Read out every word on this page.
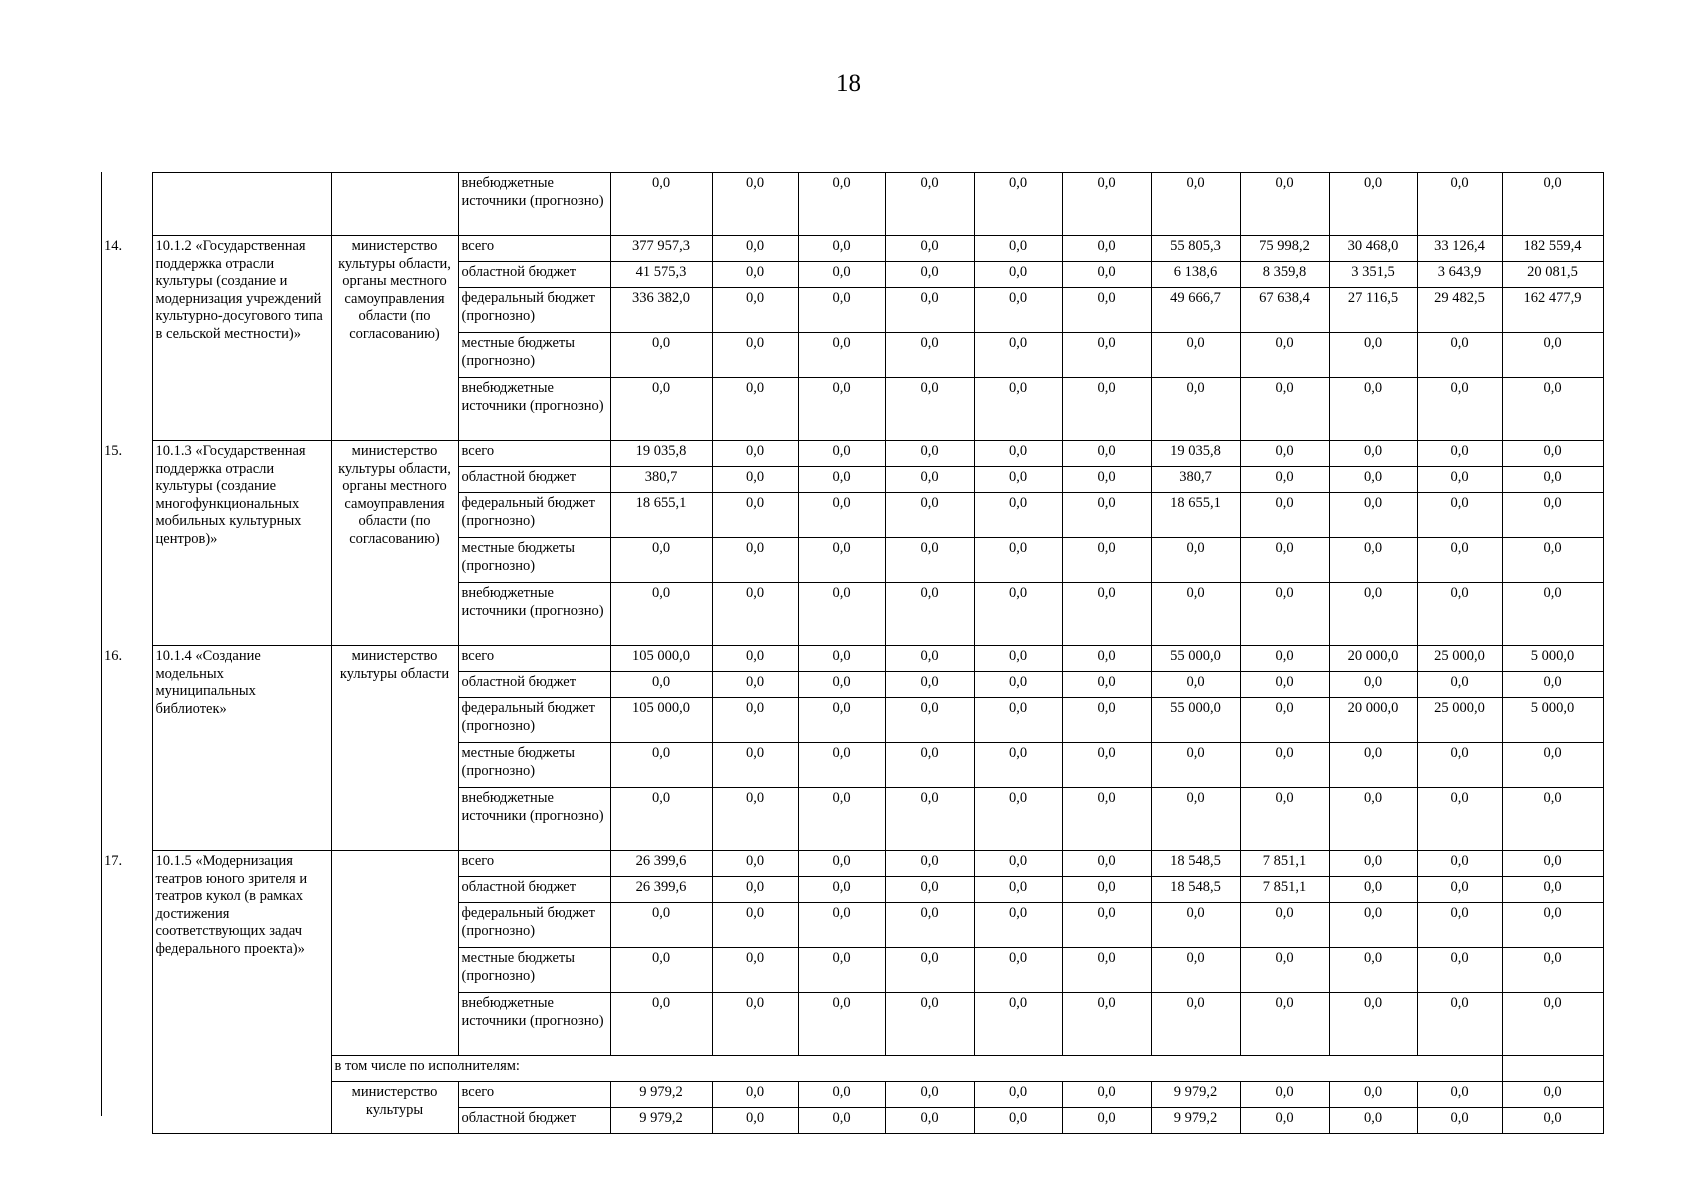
18
			внебюджетные источники (прогнозно)	0,0	0,0	0,0	0,0	0,0	0,0	0,0	0,0	0,0	0,0	0,0
14.	10.1.2 «Государственная поддержка отрасли культуры (создание и модернизация учреждений культурно-досугового типа в сельской местности)»	министерство культуры области, органы местного самоуправления области (по согласованию)	всего	377 957,3	0,0	0,0	0,0	0,0	0,0	55 805,3	75 998,2	30 468,0	33 126,4	182 559,4
			областной бюджет	41 575,3	0,0	0,0	0,0	0,0	0,0	6 138,6	8 359,8	3 351,5	3 643,9	20 081,5
			федеральный бюджет (прогнозно)	336 382,0	0,0	0,0	0,0	0,0	0,0	49 666,7	67 638,4	27 116,5	29 482,5	162 477,9
			местные бюджеты (прогнозно)	0,0	0,0	0,0	0,0	0,0	0,0	0,0	0,0	0,0	0,0	0,0
			внебюджетные источники (прогнозно)	0,0	0,0	0,0	0,0	0,0	0,0	0,0	0,0	0,0	0,0	0,0
15.	10.1.3 «Государственная поддержка отрасли культуры (создание многофункциональных мобильных культурных центров)»	министерство культуры области, органы местного самоуправления области (по согласованию)	всего	19 035,8	0,0	0,0	0,0	0,0	0,0	19 035,8	0,0	0,0	0,0	0,0
			областной бюджет	380,7	0,0	0,0	0,0	0,0	0,0	380,7	0,0	0,0	0,0	0,0
			федеральный бюджет (прогнозно)	18 655,1	0,0	0,0	0,0	0,0	0,0	18 655,1	0,0	0,0	0,0	0,0
			местные бюджеты (прогнозно)	0,0	0,0	0,0	0,0	0,0	0,0	0,0	0,0	0,0	0,0	0,0
			внебюджетные источники (прогнозно)	0,0	0,0	0,0	0,0	0,0	0,0	0,0	0,0	0,0	0,0	0,0
16.	10.1.4 «Создание модельных муниципальных библиотек»	министерство культуры области	всего	105 000,0	0,0	0,0	0,0	0,0	0,0	55 000,0	0,0	20 000,0	25 000,0	5 000,0
			областной бюджет	0,0	0,0	0,0	0,0	0,0	0,0	0,0	0,0	0,0	0,0	0,0
			федеральный бюджет (прогнозно)	105 000,0	0,0	0,0	0,0	0,0	0,0	55 000,0	0,0	20 000,0	25 000,0	5 000,0
			местные бюджеты (прогнозно)	0,0	0,0	0,0	0,0	0,0	0,0	0,0	0,0	0,0	0,0	0,0
			внебюджетные источники (прогнозно)	0,0	0,0	0,0	0,0	0,0	0,0	0,0	0,0	0,0	0,0	0,0
17.	10.1.5 «Модернизация театров юного зрителя и театров кукол (в рамках достижения соответствующих задач федерального проекта)»		всего	26 399,6	0,0	0,0	0,0	0,0	0,0	18 548,5	7 851,1	0,0	0,0	0,0
			областной бюджет	26 399,6	0,0	0,0	0,0	0,0	0,0	18 548,5	7 851,1	0,0	0,0	0,0
			федеральный бюджет (прогнозно)	0,0	0,0	0,0	0,0	0,0	0,0	0,0	0,0	0,0	0,0	0,0
			местные бюджеты (прогнозно)	0,0	0,0	0,0	0,0	0,0	0,0	0,0	0,0	0,0	0,0	0,0
			внебюджетные источники (прогнозно)	0,0	0,0	0,0	0,0	0,0	0,0	0,0	0,0	0,0	0,0	0,0
		в том числе по исполнителям:												
		министерство культуры	всего	9 979,2	0,0	0,0	0,0	0,0	0,0	9 979,2	0,0	0,0	0,0	0,0
			областной бюджет	9 979,2	0,0	0,0	0,0	0,0	0,0	9 979,2	0,0	0,0	0,0	0,0
